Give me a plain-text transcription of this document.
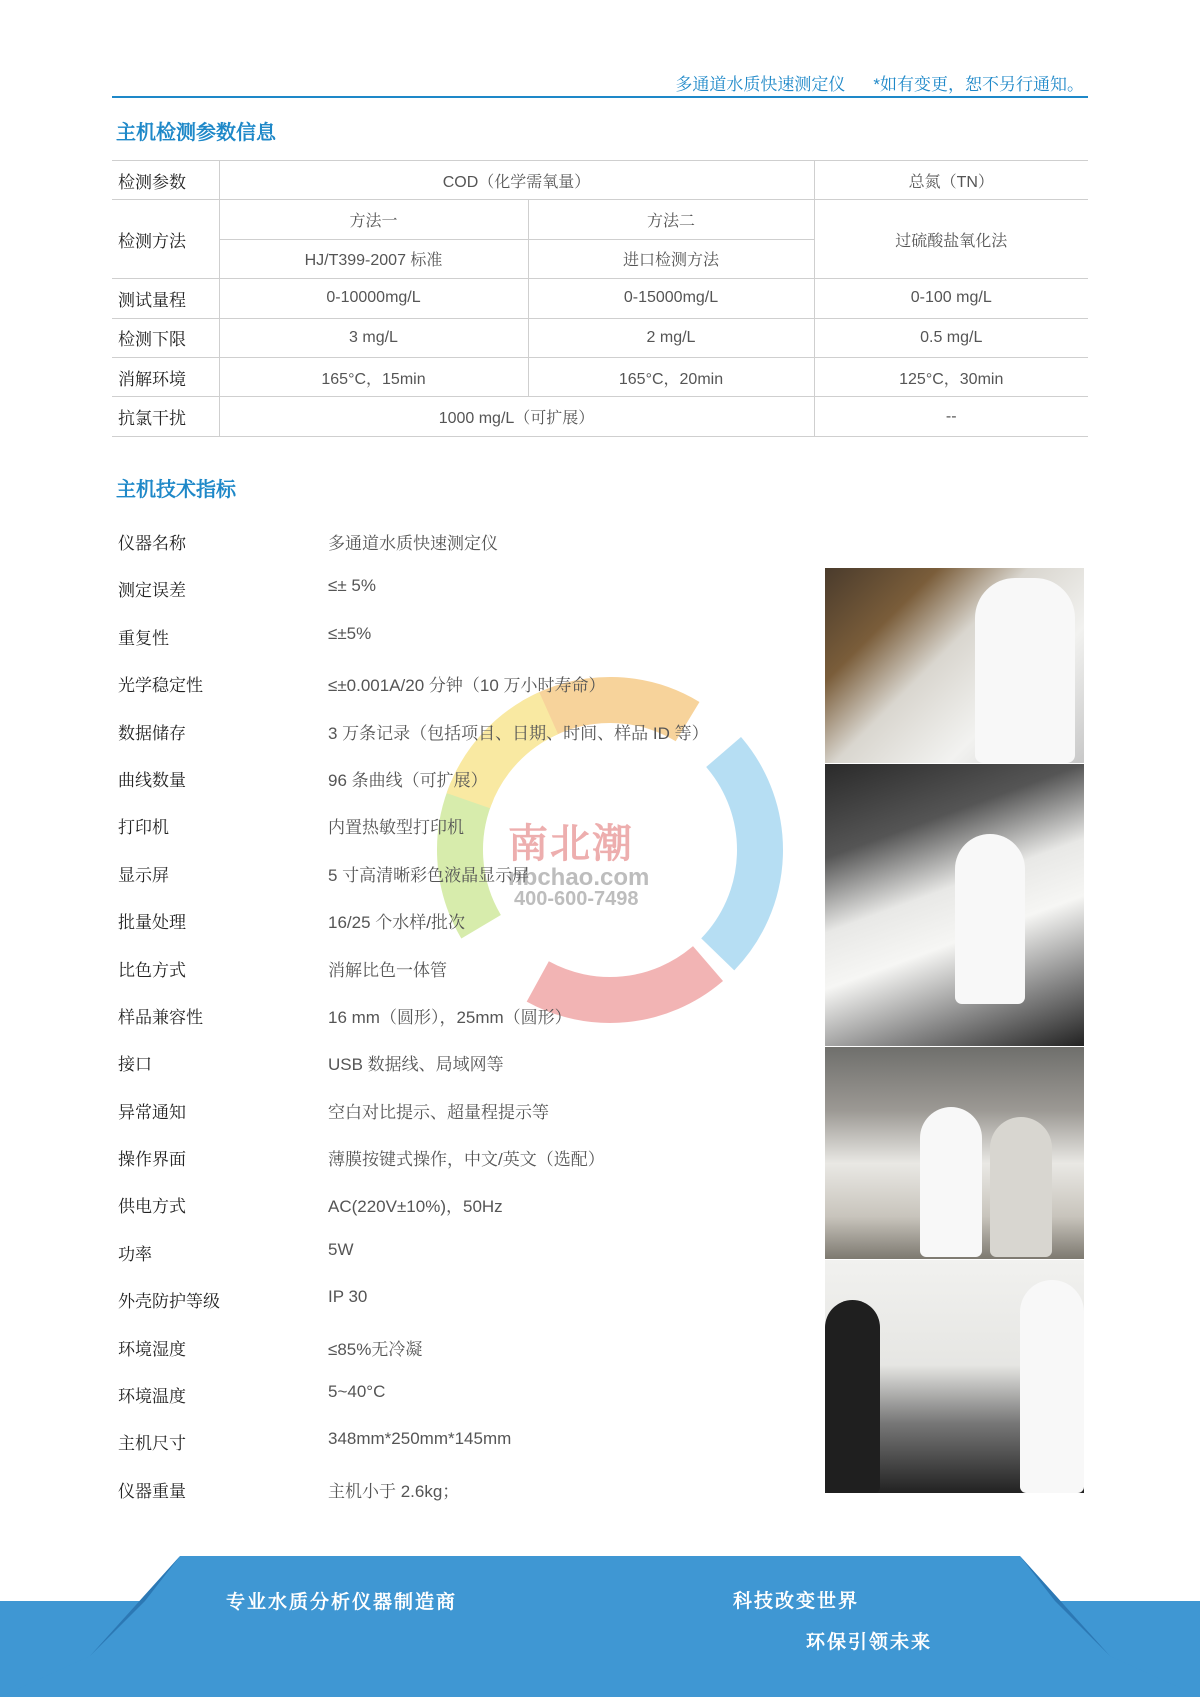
多通道水质快速测定仪 *如有变更，恕不另行通知。
主机检测参数信息
检测参数	COD（化学需氧量）		总氮（TN）
检测方法	方法一	方法二	过硫酸盐氧化法
	HJ/T399-2007 标准	进口检测方法	
测试量程	0-10000mg/L	0-15000mg/L	0-100 mg/L
检测下限	3 mg/L	2 mg/L	0.5 mg/L
消解环境	165°C，15min	165°C，20min	125°C，30min
抗氯干扰	1000 mg/L（可扩展）		--
主机技术指标
南北潮
nbchao.com
400-600-7498
仪器名称	多通道水质快速测定仪
测定误差	≤± 5%
重复性	≤±5%
光学稳定性	≤±0.001A/20 分钟（10 万小时寿命）
数据储存	3 万条记录（包括项目、日期、时间、样品 ID 等）
曲线数量	96 条曲线（可扩展）
打印机	内置热敏型打印机
显示屏	5 寸高清晰彩色液晶显示屏
批量处理	16/25 个水样/批次
比色方式	消解比色一体管
样品兼容性	16 mm（圆形），25mm（圆形）
接口	USB 数据线、局域网等
异常通知	空白对比提示、超量程提示等
操作界面	薄膜按键式操作，中文/英文（选配）
供电方式	AC(220V±10%)，50Hz
功率	5W
外壳防护等级	IP 30
环境湿度	≤85%无冷凝
环境温度	5~40°C
主机尺寸	348mm*250mm*145mm
仪器重量	主机小于 2.6kg；
专业水质分析仪器制造商	科技改变世界
环保引领未来
